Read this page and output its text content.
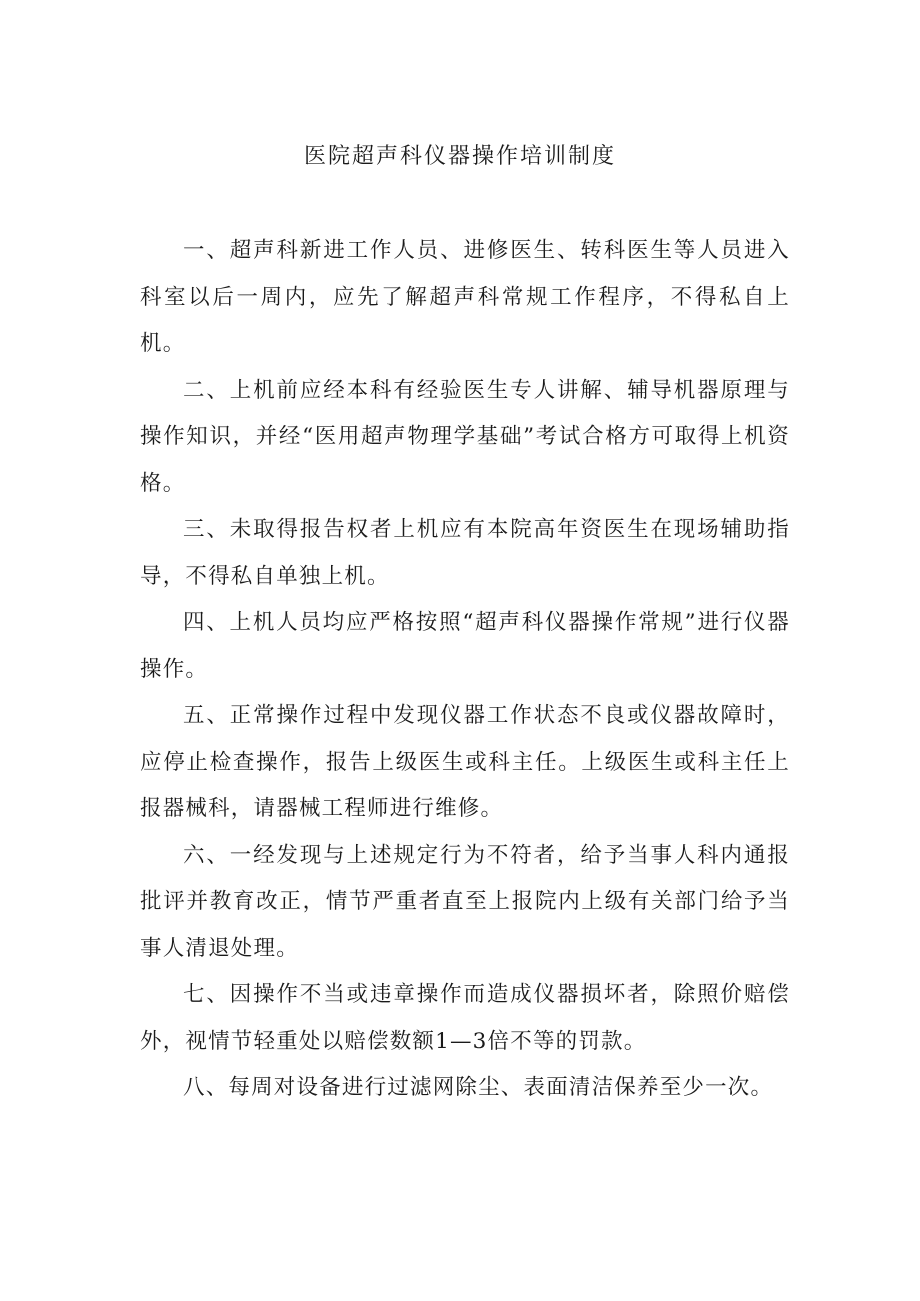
医院超声科仪器操作培训制度

一、超声科新进工作人员、进修医生、转科医生等人员进入科室以后一周内，应先了解超声科常规工作程序，不得私自上机。

二、上机前应经本科有经验医生专人讲解、辅导机器原理与操作知识，并经“医用超声物理学基础”考试合格方可取得上机资格。

三、未取得报告权者上机应有本院高年资医生在现场辅助指导，不得私自单独上机。

四、上机人员均应严格按照“超声科仪器操作常规”进行仪器操作。

五、正常操作过程中发现仪器工作状态不良或仪器故障时，应停止检查操作，报告上级医生或科主任。上级医生或科主任上报器械科，请器械工程师进行维修。

六、一经发现与上述规定行为不符者，给予当事人科内通报批评并教育改正，情节严重者直至上报院内上级有关部门给予当事人清退处理。

七、因操作不当或违章操作而造成仪器损坏者，除照价赔偿外，视情节轻重处以赔偿数额1—3倍不等的罚款。

八、每周对设备进行过滤网除尘、表面清洁保养至少一次。
